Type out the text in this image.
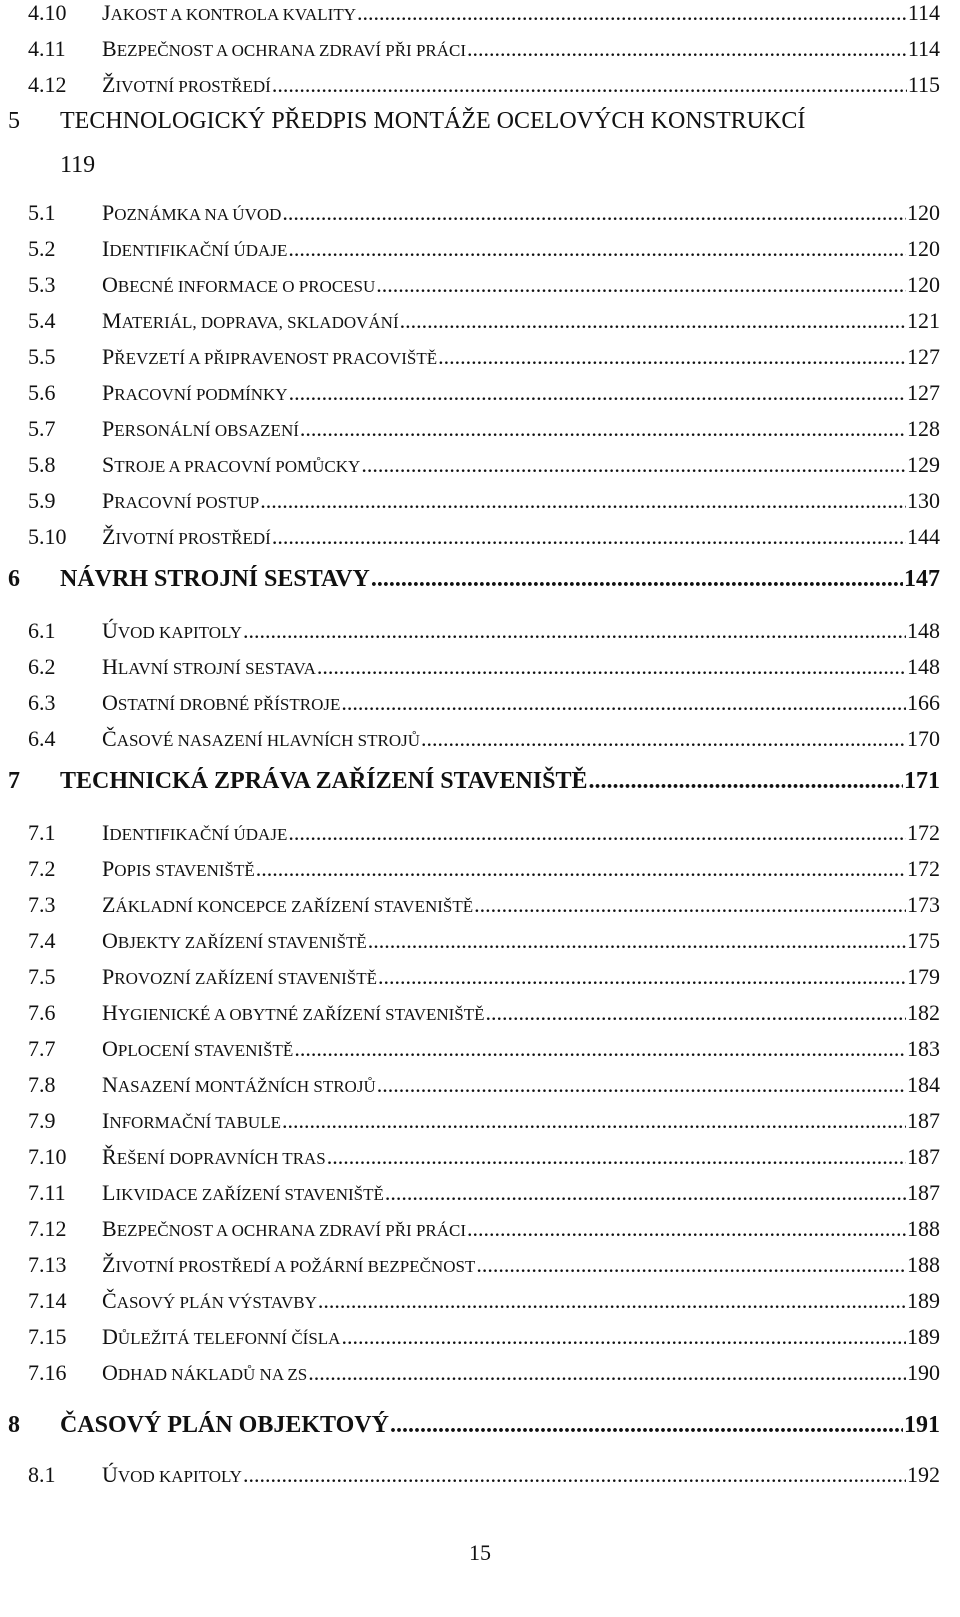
4.10	JAKOST A KONTROLA KVALITY .....	114
4.11	BEZPEČNOST A OCHRANA ZDRAVÍ PŘI PRÁCI .....	114
4.12	ŽIVOTNÍ PROSTŘEDÍ .....	115
5	TECHNOLOGICKÝ PŘEDPIS MONTÁŽE OCELOVÝCH KONSTRUKCÍ
119
5.1	POZNÁMKA NA ÚVOD .....	120
5.2	IDENTIFIKAČNÍ ÚDAJE .....	120
5.3	OBECNÉ INFORMACE O PROCESU .....	120
5.4	MATERIÁL, DOPRAVA, SKLADOVÁNÍ .....	121
5.5	PŘEVZETÍ A PŘIPRAVENOST PRACOVIŠTĚ .....	127
5.6	PRACOVNÍ PODMÍNKY .....	127
5.7	PERSONÁLNÍ OBSAZENÍ .....	128
5.8	STROJE A PRACOVNÍ POMŮCKY .....	129
5.9	PRACOVNÍ POSTUP .....	130
5.10	ŽIVOTNÍ PROSTŘEDÍ .....	144
6	NÁVRH STROJNÍ SESTAVY .....	147
6.1	ÚVOD KAPITOLY .....	148
6.2	HLAVNÍ STROJNÍ SESTAVA .....	148
6.3	OSTATNÍ DROBNÉ PŘÍSTROJE .....	166
6.4	ČASOVÉ NASAZENÍ HLAVNÍCH STROJŮ .....	170
7	TECHNICKÁ ZPRÁVA ZAŘÍZENÍ STAVENIŠTĚ .....	171
7.1	IDENTIFIKAČNÍ ÚDAJE .....	172
7.2	POPIS STAVENIŠTĚ .....	172
7.3	ZÁKLADNÍ KONCEPCE ZAŘÍZENÍ STAVENIŠTĚ .....	173
7.4	OBJEKTY ZAŘÍZENÍ STAVENIŠTĚ .....	175
7.5	PROVOZNÍ ZAŘÍZENÍ STAVENIŠTĚ .....	179
7.6	HYGIENICKÉ A OBYTNÉ ZAŘÍZENÍ STAVENIŠTĚ .....	182
7.7	OPLOCENÍ STAVENIŠTĚ .....	183
7.8	NASAZENÍ MONTÁŽNÍCH STROJŮ .....	184
7.9	INFORMAČNÍ TABULE .....	187
7.10	ŘEŠENÍ DOPRAVNÍCH TRAS .....	187
7.11	LIKVIDACE ZAŘÍZENÍ STAVENIŠTĚ .....	187
7.12	BEZPEČNOST A OCHRANA ZDRAVÍ PŘI PRÁCI .....	188
7.13	ŽIVOTNÍ PROSTŘEDÍ A POŽÁRNÍ BEZPEČNOST .....	188
7.14	ČASOVÝ PLÁN VÝSTAVBY .....	189
7.15	DŮLEŽITÁ TELEFONNÍ ČÍSLA .....	189
7.16	ODHAD NÁKLADŮ NA ZS .....	190
8	ČASOVÝ PLÁN OBJEKTOVÝ .....	191
8.1	ÚVOD KAPITOLY .....	192
15
